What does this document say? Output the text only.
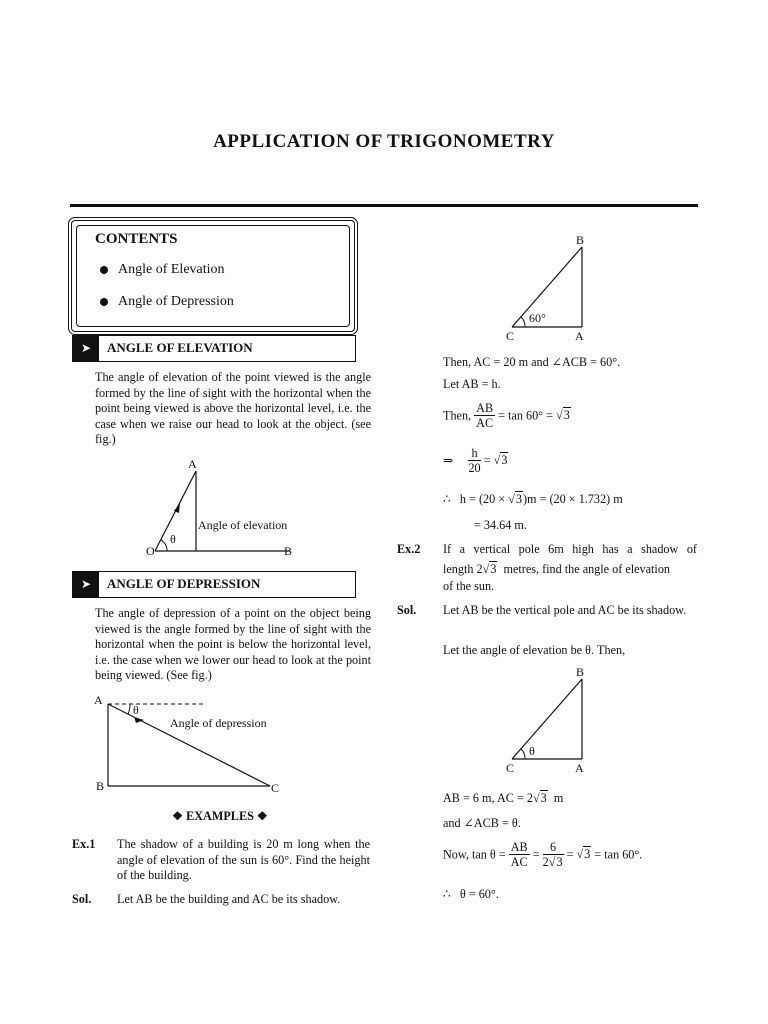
APPLICATION OF TRIGONOMETRY
CONTENTS
Angle of Elevation
Angle of Depression
➤	ANGLE OF ELEVATION
The angle of elevation of the point viewed is the angle formed by the line of sight with the horizontal when the point being viewed is above the horizontal level, i.e. the case when we raise our head to look at the object. (see fig.)
A
O	B
θ
Angle of elevation
➤	ANGLE OF DEPRESSION
The angle of depression of a point on the object being viewed is the angle formed by the line of sight with the horizontal when the point is below the horizontal level, i.e. the case when we lower our head to look at the point being viewed. (See fig.)
A
B	C
θ
Angle of depression
❖ EXAMPLES ❖
Ex.1 The shadow of a building is 20 m long when the angle of elevation of the sun is 60°. Find the height of the building.
Sol. Let AB be the building and AC be its shadow.
B
C	A
60°
Then, AC = 20 m and ∠ACB = 60°.
Let AB = h.
Then, $\frac{AB}{AC} = \tan 60^\circ = √3$
⇒ $\frac{h}{20} = √3$
∴ h = (20 × √3)m = (20 × 1.732) m
= 34.64 m.
Ex.2 If a vertical pole 6m high has a shadow of
length 2√3 metres, find the angle of elevation
of the sun.
Sol. Let AB be the vertical pole and AC be its shadow.
Let the angle of elevation be θ. Then,
B
C	A
θ
AB = 6 m, AC = 2√3 m
and ∠ACB = θ.
Now, $\tan \theta = \frac{AB}{AC} = \frac{6}{2√3} = √3 = \tan 60^\circ$.
∴ θ = 60°.
